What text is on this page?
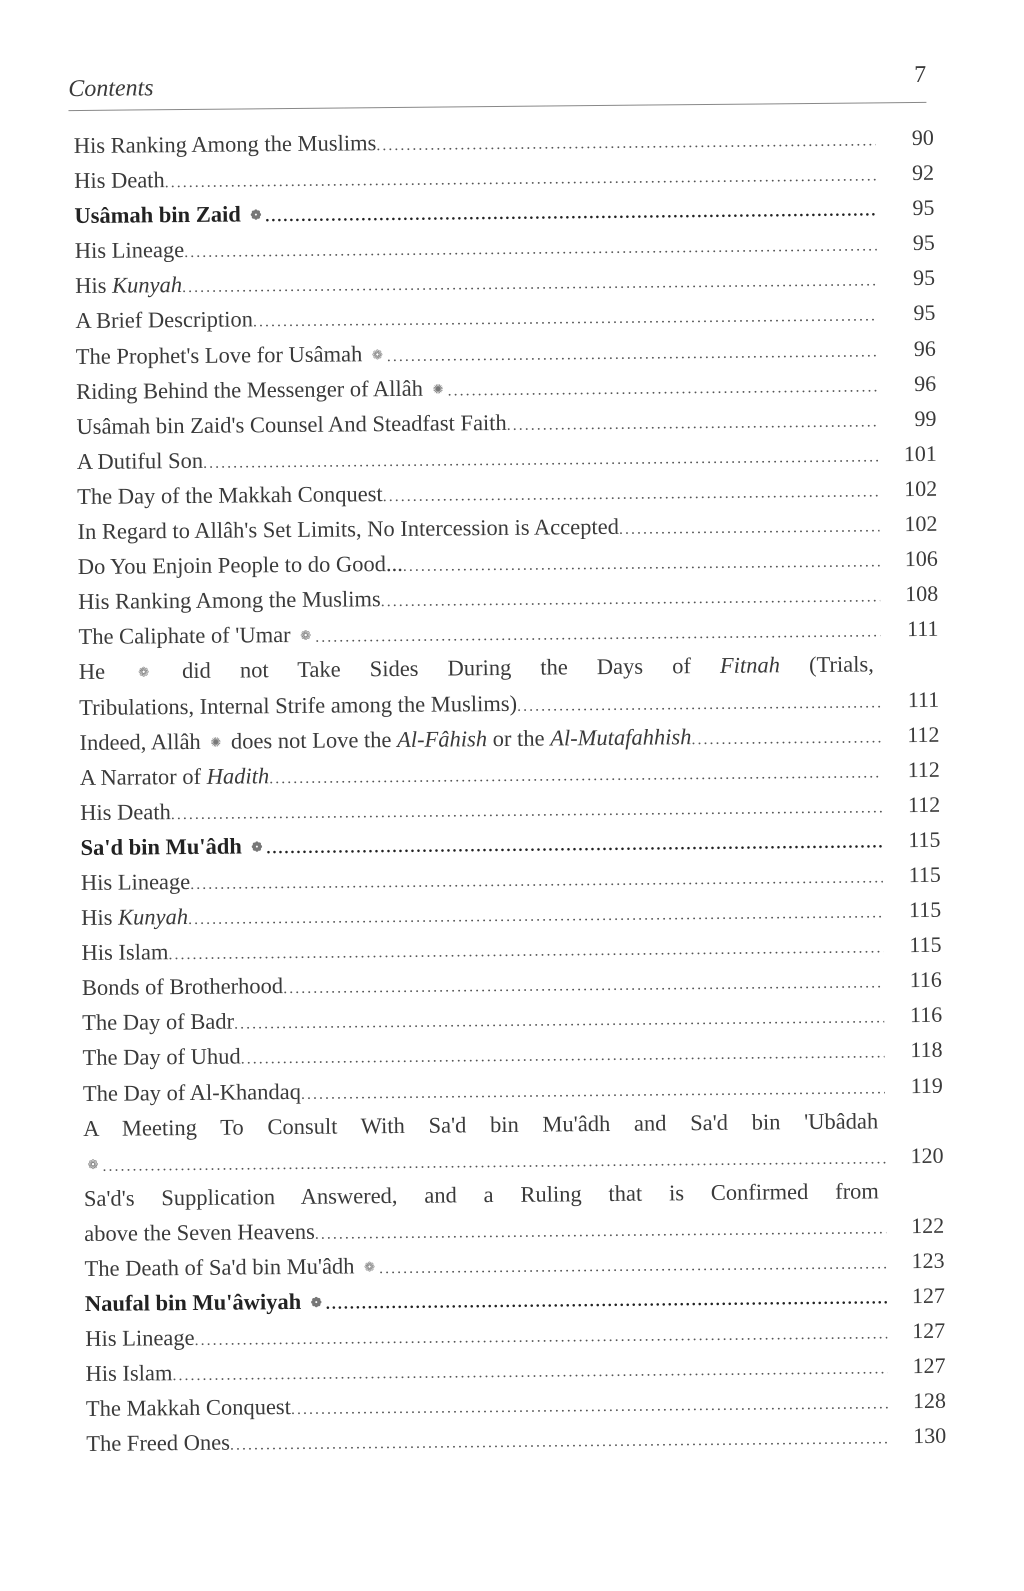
Contents
7
His Ranking Among the Muslims .....	90
His Death .....	92
Usâmah bin Zaid ❁ .....	95
His Lineage .....	95
His Kunyah .....	95
A Brief Description .....	95
The Prophet's Love for Usâmah ❁ .....	96
Riding Behind the Messenger of Allâh ✺ .....	96
Usâmah bin Zaid's Counsel And Steadfast Faith .....	99
A Dutiful Son .....	101
The Day of the Makkah Conquest .....	102
In Regard to Allâh's Set Limits, No Intercession is Accepted .....	102
Do You Enjoin People to do Good... .....	106
His Ranking Among the Muslims .....	108
The Caliphate of 'Umar ❁ .....	111
He ❁ did not Take Sides During the Days of Fitnah (Trials,
Tribulations, Internal Strife among the Muslims) .....	111
Indeed, Allâh ✺ does not Love the Al-Fâhish or the Al-Mutafahhish .....	112
A Narrator of Hadith .....	112
His Death .....	112
Sa'd bin Mu'âdh ❁ .....	115
His Lineage .....	115
His Kunyah .....	115
His Islam .....	115
Bonds of Brotherhood .....	116
The Day of Badr .....	116
The Day of Uhud .....	118
The Day of Al-Khandaq .....	119
A Meeting To Consult With Sa'd bin Mu'âdh and Sa'd bin 'Ubâdah
❁ .....	120
Sa'd's Supplication Answered, and a Ruling that is Confirmed from
above the Seven Heavens .....	122
The Death of Sa'd bin Mu'âdh ❁ .....	123
Naufal bin Mu'âwiyah ❁ .....	127
His Lineage .....	127
His Islam .....	127
The Makkah Conquest .....	128
The Freed Ones .....	130
